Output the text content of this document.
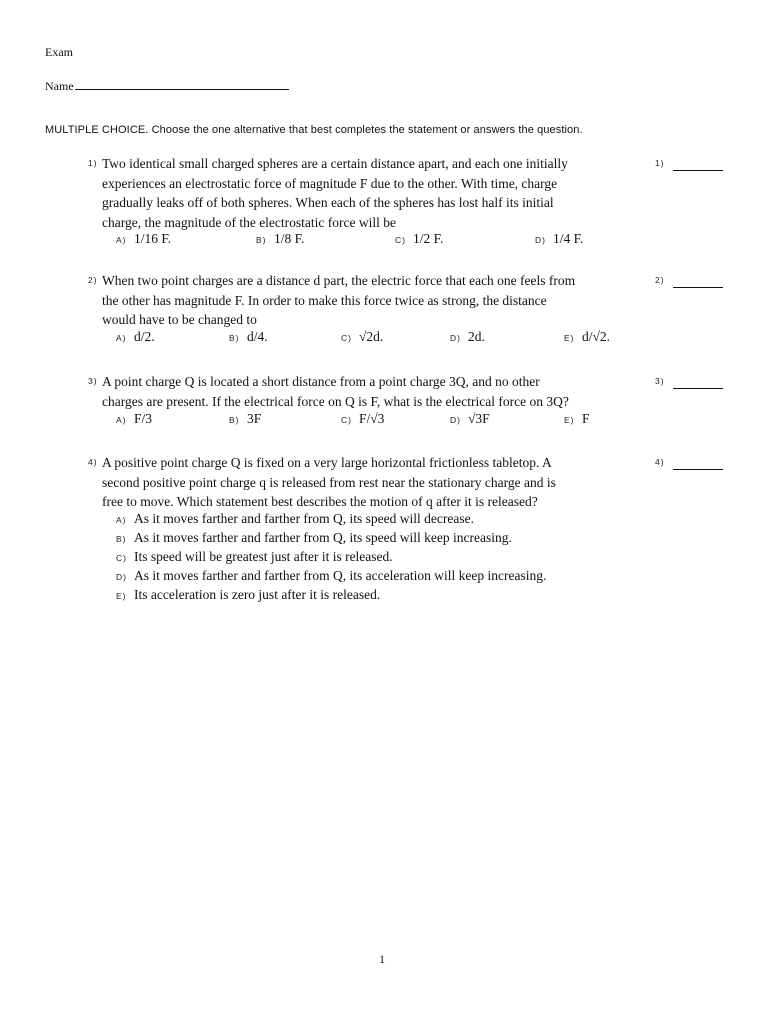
Exam
Name
MULTIPLE CHOICE. Choose the one alternative that best completes the statement or answers the question.
1) Two identical small charged spheres are a certain distance apart, and each one initially
experiences an electrostatic force of magnitude F due to the other. With time, charge
gradually leaks off of both spheres. When each of the spheres has lost half its initial
charge, the magnitude of the electrostatic force will be
A) 1/16 F.	B) 1/8 F.	C) 1/2 F.	D) 1/4 F.
1)
2) When two point charges are a distance d part, the electric force that each one feels from
the other has magnitude F. In order to make this force twice as strong, the distance
would have to be changed to
A) d/2.	B) d/4.	C) √2d.	D) 2d.	E) d/√2.
2)
3) A point charge Q is located a short distance from a point charge 3Q, and no other
charges are present. If the electrical force on Q is F, what is the electrical force on 3Q?
A) F/3	B) 3F	C) F/√3	D) √3F	E) F
3)
4) A positive point charge Q is fixed on a very large horizontal frictionless tabletop. A
second positive point charge q is released from rest near the stationary charge and is
free to move. Which statement best describes the motion of q after it is released?
A) As it moves farther and farther from Q, its speed will decrease.
B) As it moves farther and farther from Q, its speed will keep increasing.
C) Its speed will be greatest just after it is released.
D) As it moves farther and farther from Q, its acceleration will keep increasing.
E) Its acceleration is zero just after it is released.
4)
1
